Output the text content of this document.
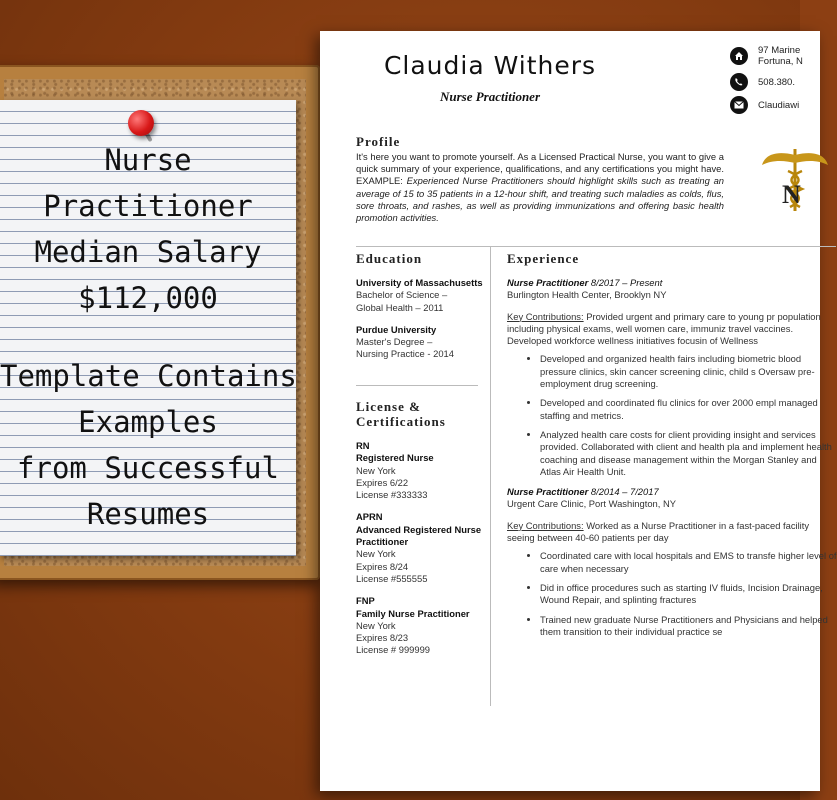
Nurse
Practitioner
Median Salary
$112,000
Template Contains
Examples
from Successful
Resumes
Claudia Withers
Nurse Practitioner
97 Marine
Fortuna, N
508.380.
Claudiawi
Profile
It's here you want to promote yourself. As a Licensed Practical Nurse, you want to give a quick summary of your experience, qualifications, and any certifications you might have. EXAMPLE: Experienced Nurse Practitioners should highlight skills such as treating an average of 15 to 35 patients in a 12-hour shift, and treating such maladies as colds, flus, sore throats, and rashes, as well as providing immunizations and offering basic health promotion activities.
N
Education
University of Massachusetts
Bachelor of Science –
Global Health – 2011
Purdue University
Master's Degree –
Nursing Practice - 2014
License &
Certifications
RN
Registered Nurse
New York
Expires 6/22
License #333333
APRN
Advanced Registered Nurse
Practitioner
New York
Expires 8/24
License #555555
FNP
Family Nurse Practitioner
New York
Expires 8/23
License # 999999
Experience
Nurse Practitioner 8/2017 – Present
Burlington Health Center, Brooklyn NY
Key Contributions: Provided urgent and primary care to young pr population including physical exams, well women care, immuniz travel vaccines. Developed workforce wellness initiatives focusin of Wellness
• Developed and organized health fairs including biometric blood pressure clinics, skin cancer screening clinic, child s Oversaw pre-employment drug screening.
• Developed and coordinated flu clinics for over 2000 empl managed staffing and metrics.
• Analyzed health care costs for client providing insight and services provided. Collaborated with client and health pla and implement health coaching and disease management within the Morgan Stanley and Atlas Air Health Unit.
Nurse Practitioner 8/2014 – 7/2017
Urgent Care Clinic, Port Washington, NY
Key Contributions: Worked as a Nurse Practitioner in a fast-paced facility seeing between 40-60 patients per day
• Coordinated care with local hospitals and EMS to transfe higher level of care when necessary
• Did in office procedures such as starting IV fluids, Incision Drainage, Wound Repair, and splinting fractures
• Trained new graduate Nurse Practitioners and Physicians and helped them transition to their individual practice se
